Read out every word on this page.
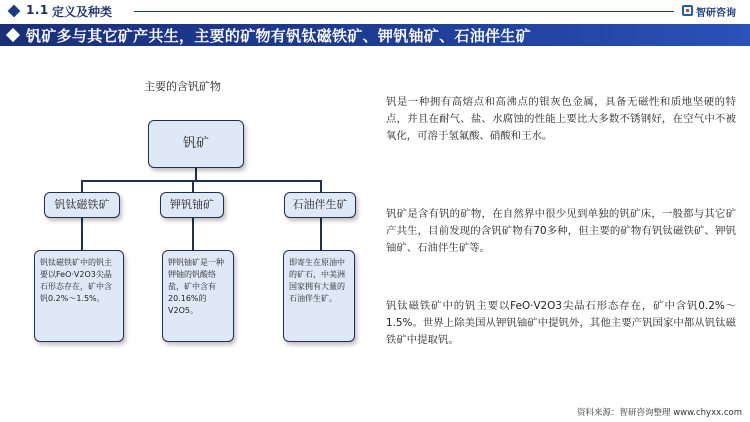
1.1 定义及种类	智研咨询
钒矿多与其它矿产共生，主要的矿物有钒钛磁铁矿、钾钒铀矿、石油伴生矿
主要的含钒矿物
钒矿
钒钛磁铁矿	钾钒铀矿	石油伴生矿
钒钛磁铁矿中的钒主要以FeO·V2O3尖晶石形态存在，矿中含钒0.2%～1.5%。
钾钒铀矿是一种钾铀的钒酸络盐，矿中含有20.16%的V2O5。
即寄生在原油中的矿石，中美洲国家拥有大量的石油伴生矿。

钒是一种拥有高熔点和高沸点的银灰色金属，具备无磁性和质地坚硬的特点，并且在耐气、盐、水腐蚀的性能上要比大多数不锈钢好，在空气中不被氧化，可溶于氢氟酸、硝酸和王水。

钒矿是含有钒的矿物，在自然界中很少见到单独的钒矿床，一般都与其它矿产共生，目前发现的含钒矿物有70多种，但主要的矿物有钒钛磁铁矿、钾钒铀矿、石油伴生矿等。

钒钛磁铁矿中的钒主要以FeO·V2O3尖晶石形态存在，矿中含钒0.2%～1.5%。世界上除美国从钾钒铀矿中提钒外，其他主要产钒国家中都从钒钛磁铁矿中提取钒。

资料来源：智研咨询整理 www.chyxx.com
